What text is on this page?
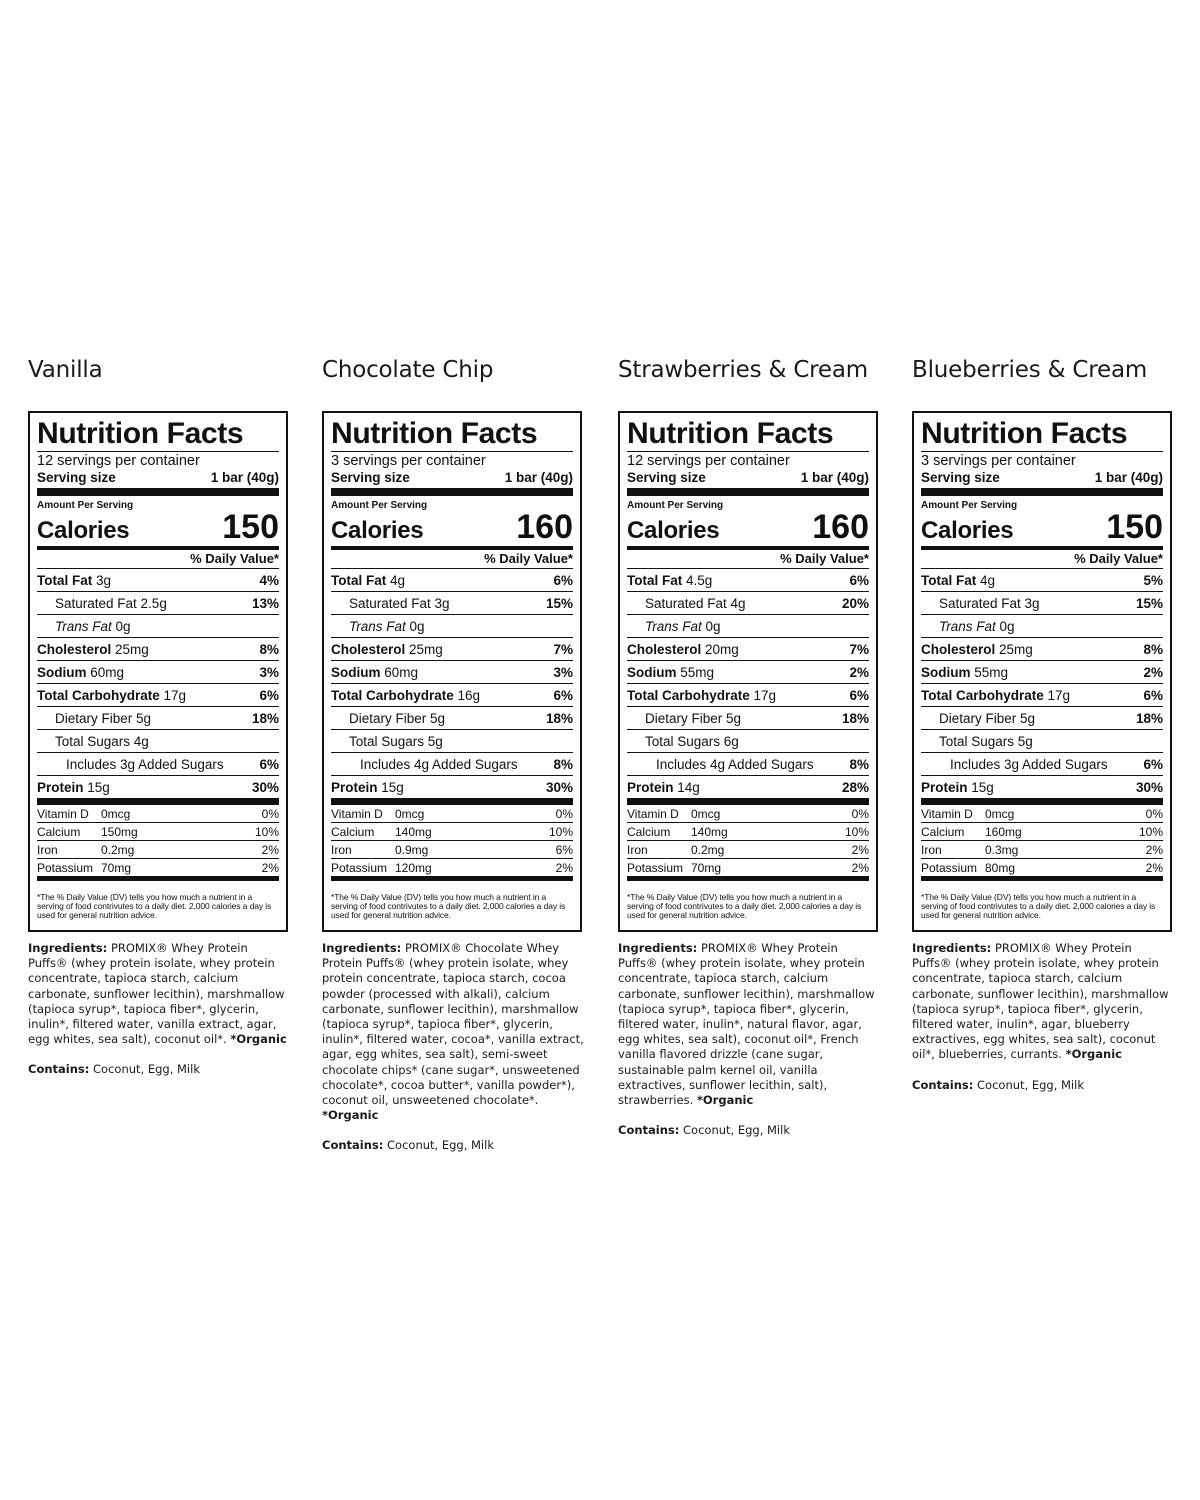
Vanilla
Nutrition Facts
12 servings per container
Serving size	1 bar (40g)
Amount Per Serving
Calories	150
% Daily Value*
Total Fat 3g	4%
Saturated Fat 2.5g	13%
Trans Fat 0g
Cholesterol 25mg	8%
Sodium 60mg	3%
Total Carbohydrate 17g	6%
Dietary Fiber 5g	18%
Total Sugars 4g
Includes 3g Added Sugars	6%
Protein 15g	30%
Vitamin D	0mcg	0%
Calcium	150mg	10%
Iron	0.2mg	2%
Potassium 70mg	2%
*The % Daily Value (DV) tells you how much a nutrient in a serving of food contrivutes to a daily diet. 2,000 calories a day is used for general nutrition advice.
Ingredients: PROMIX® Whey Protein Puffs® (whey protein isolate, whey protein concentrate, tapioca starch, calcium carbonate, sunflower lecithin), marshmallow (tapioca syrup*, tapioca fiber*, glycerin, inulin*, filtered water, vanilla extract, agar, egg whites, sea salt), coconut oil*. *Organic
Contains: Coconut, Egg, Milk
Chocolate Chip
Nutrition Facts
3 servings per container
Serving size	1 bar (40g)
Amount Per Serving
Calories	160
% Daily Value*
Total Fat 4g	6%
Saturated Fat 3g	15%
Trans Fat 0g
Cholesterol 25mg	7%
Sodium 60mg	3%
Total Carbohydrate 16g	6%
Dietary Fiber 5g	18%
Total Sugars 5g
Includes 4g Added Sugars	8%
Protein 15g	30%
Vitamin D	0mcg	0%
Calcium	140mg	10%
Iron	0.9mg	6%
Potassium 120mg	2%
*The % Daily Value (DV) tells you how much a nutrient in a serving of food contrivutes to a daily diet. 2,000 calories a day is used for general nutrition advice.
Ingredients: PROMIX® Chocolate Whey Protein Puffs® (whey protein isolate, whey protein concentrate, tapioca starch, cocoa powder (processed with alkali), calcium carbonate, sunflower lecithin), marshmallow (tapioca syrup*, tapioca fiber*, glycerin, inulin*, filtered water, cocoa*, vanilla extract, agar, egg whites, sea salt), semi-sweet chocolate chips* (cane sugar*, unsweetened chocolate*, cocoa butter*, vanilla powder*), coconut oil, unsweetened chocolate*. *Organic
Contains: Coconut, Egg, Milk
Strawberries & Cream
Nutrition Facts
12 servings per container
Serving size	1 bar (40g)
Amount Per Serving
Calories	160
% Daily Value*
Total Fat 4.5g	6%
Saturated Fat 4g	20%
Trans Fat 0g
Cholesterol 20mg	7%
Sodium 55mg	2%
Total Carbohydrate 17g	6%
Dietary Fiber 5g	18%
Total Sugars 6g
Includes 4g Added Sugars	8%
Protein 14g	28%
Vitamin D	0mcg	0%
Calcium	140mg	10%
Iron	0.2mg	2%
Potassium 70mg	2%
*The % Daily Value (DV) tells you how much a nutrient in a serving of food contrivutes to a daily diet. 2,000 calories a day is used for general nutrition advice.
Ingredients: PROMIX® Whey Protein Puffs® (whey protein isolate, whey protein concentrate, tapioca starch, calcium carbonate, sunflower lecithin), marshmallow (tapioca syrup*, tapioca fiber*, glycerin, filtered water, inulin*, natural flavor, agar, egg whites, sea salt), coconut oil*, French vanilla flavored drizzle (cane sugar, sustainable palm kernel oil, vanilla extractives, sunflower lecithin, salt), strawberries. *Organic
Contains: Coconut, Egg, Milk
Blueberries & Cream
Nutrition Facts
3 servings per container
Serving size	1 bar (40g)
Amount Per Serving
Calories	150
% Daily Value*
Total Fat 4g	5%
Saturated Fat 3g	15%
Trans Fat 0g
Cholesterol 25mg	8%
Sodium 55mg	2%
Total Carbohydrate 17g	6%
Dietary Fiber 5g	18%
Total Sugars 5g
Includes 3g Added Sugars	6%
Protein 15g	30%
Vitamin D	0mcg	0%
Calcium	160mg	10%
Iron	0.3mg	2%
Potassium 80mg	2%
*The % Daily Value (DV) tells you how much a nutrient in a serving of food contrivutes to a daily diet. 2,000 calories a day is used for general nutrition advice.
Ingredients: PROMIX® Whey Protein Puffs® (whey protein isolate, whey protein concentrate, tapioca starch, calcium carbonate, sunflower lecithin), marshmallow (tapioca syrup*, tapioca fiber*, glycerin, filtered water, inulin*, agar, blueberry extractives, egg whites, sea salt), coconut oil*, blueberries, currants. *Organic
Contains: Coconut, Egg, Milk
